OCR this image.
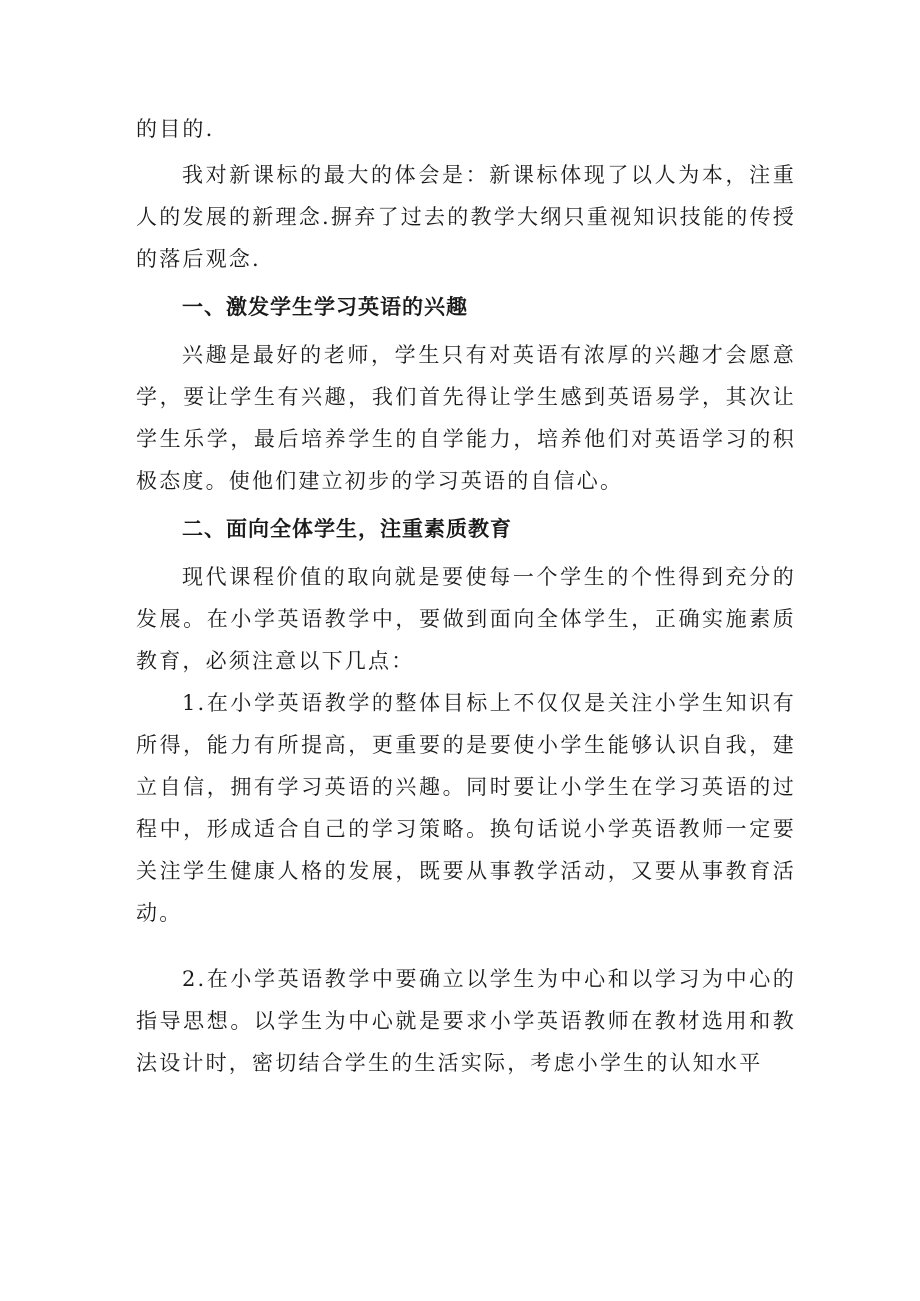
的目的.

我对新课标的最大的体会是：新课标体现了以人为本，注重人的发展的新理念.摒弃了过去的教学大纲只重视知识技能的传授的落后观念.

一、激发学生学习英语的兴趣

兴趣是最好的老师，学生只有对英语有浓厚的兴趣才会愿意学，要让学生有兴趣，我们首先得让学生感到英语易学，其次让学生乐学，最后培养学生的自学能力，培养他们对英语学习的积极态度。使他们建立初步的学习英语的自信心。

二、面向全体学生，注重素质教育

现代课程价值的取向就是要使每一个学生的个性得到充分的发展。在小学英语教学中，要做到面向全体学生，正确实施素质教育，必须注意以下几点：

1.在小学英语教学的整体目标上不仅仅是关注小学生知识有所得，能力有所提高，更重要的是要使小学生能够认识自我，建立自信，拥有学习英语的兴趣。同时要让小学生在学习英语的过程中，形成适合自己的学习策略。换句话说小学英语教师一定要关注学生健康人格的发展，既要从事教学活动，又要从事教育活动。

2.在小学英语教学中要确立以学生为中心和以学习为中心的指导思想。以学生为中心就是要求小学英语教师在教材选用和教法设计时，密切结合学生的生活实际，考虑小学生的认知水平
